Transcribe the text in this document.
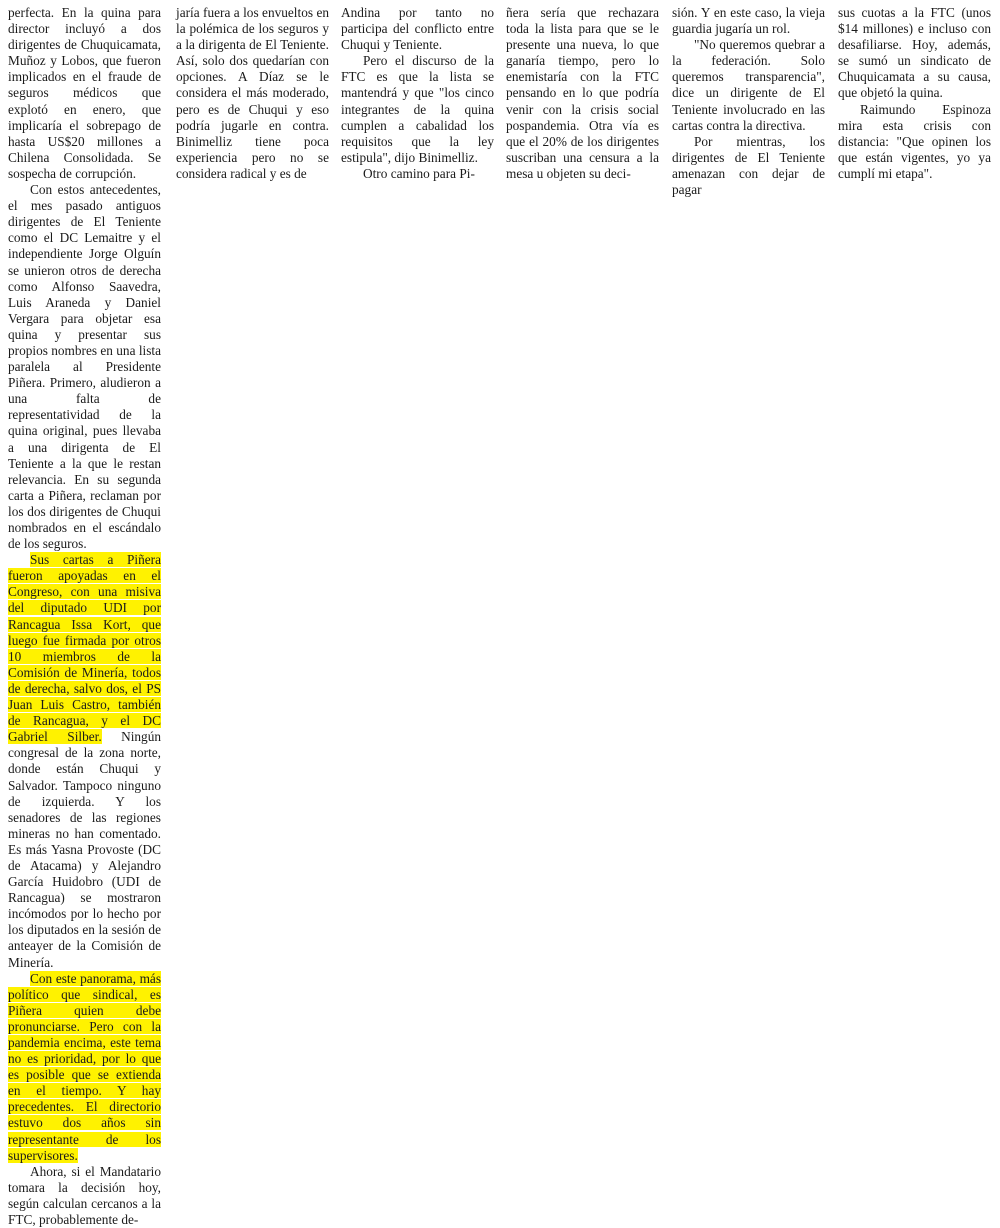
perfecta. En la quina para director incluyó a dos dirigentes de Chuquicamata, Muñoz y Lobos, que fueron implicados en el fraude de seguros médicos que explotó en enero, que implicaría el sobrepago de hasta US$20 millones a Chilena Consolidada. Se sospecha de corrupción.

Con estos antecedentes, el mes pasado antiguos dirigentes de El Teniente como el DC Lemaitre y el independiente Jorge Olguín se unieron otros de derecha como Alfonso Saavedra, Luis Araneda y Daniel Vergara para objetar esa quina y presentar sus propios nombres en una lista paralela al Presidente Piñera. Primero, aludieron a una falta de representatividad de la quina original, pues llevaba a una dirigenta de El Teniente a la que le restan relevancia. En su segunda carta a Piñera, reclaman por los dos dirigentes de Chuqui nombrados en el escándalo de los seguros.

Sus cartas a Piñera fueron apoyadas en el Congreso, con una misiva del diputado UDI por Rancagua Issa Kort, que luego fue firmada por otros 10 miembros de la Comisión de Minería, todos de derecha, salvo dos, el PS Juan Luis Castro, también de Rancagua, y el DC Gabriel Silber. Ningún congresal de la zona norte, donde están Chuqui y Salvador. Tampoco ninguno de izquierda. Y los senadores de las regiones mineras no han comentado. Es más Yasna Provoste (DC de Atacama) y Alejandro García Huidobro (UDI de Rancagua) se mostraron incómodos por lo hecho por los diputados en la sesión de anteayer de la Comisión de Minería.

Con este panorama, más político que sindical, es Piñera quien debe pronunciarse. Pero con la pandemia encima, este tema no es prioridad, por lo que es posible que se extienda en el tiempo. Y hay precedentes. El directorio estuvo dos años sin representante de los supervisores.

Ahora, si el Mandatario tomara la decisión hoy, según calculan cercanos a la FTC, probablemente de-

jaría fuera a los envueltos en la polémica de los seguros y a la dirigenta de El Teniente. Así, solo dos quedarían con opciones. A Díaz se le considera el más moderado, pero es de Chuqui y eso podría jugarle en contra. Binimelliz tiene poca experiencia pero no se considera radical y es de

Andina por tanto no participa del conflicto entre Chuqui y Teniente.

Pero el discurso de la FTC es que la lista se mantendrá y que "los cinco integrantes de la quina cumplen a cabalidad los requisitos que la ley estipula", dijo Binimelliz.

Otro camino para Pi-

ñera sería que rechazara toda la lista para que se le presente una nueva, lo que ganaría tiempo, pero lo enemistaría con la FTC pensando en lo que podría venir con la crisis social pospandemia. Otra vía es que el 20% de los dirigentes suscriban una censura a la mesa u objeten su deci-

sión. Y en este caso, la vieja guardia jugaría un rol.

"No queremos quebrar a la federación. Solo queremos transparencia", dice un dirigente de El Teniente involucrado en las cartas contra la directiva.

Por mientras, los dirigentes de El Teniente amenazan con dejar de pagar

sus cuotas a la FTC (unos $14 millones) e incluso con desafiliarse. Hoy, además, se sumó un sindicato de Chuquicamata a su causa, que objetó la quina.

Raimundo Espinoza mira esta crisis con distancia: "Que opinen los que están vigentes, yo ya cumplí mi etapa".
